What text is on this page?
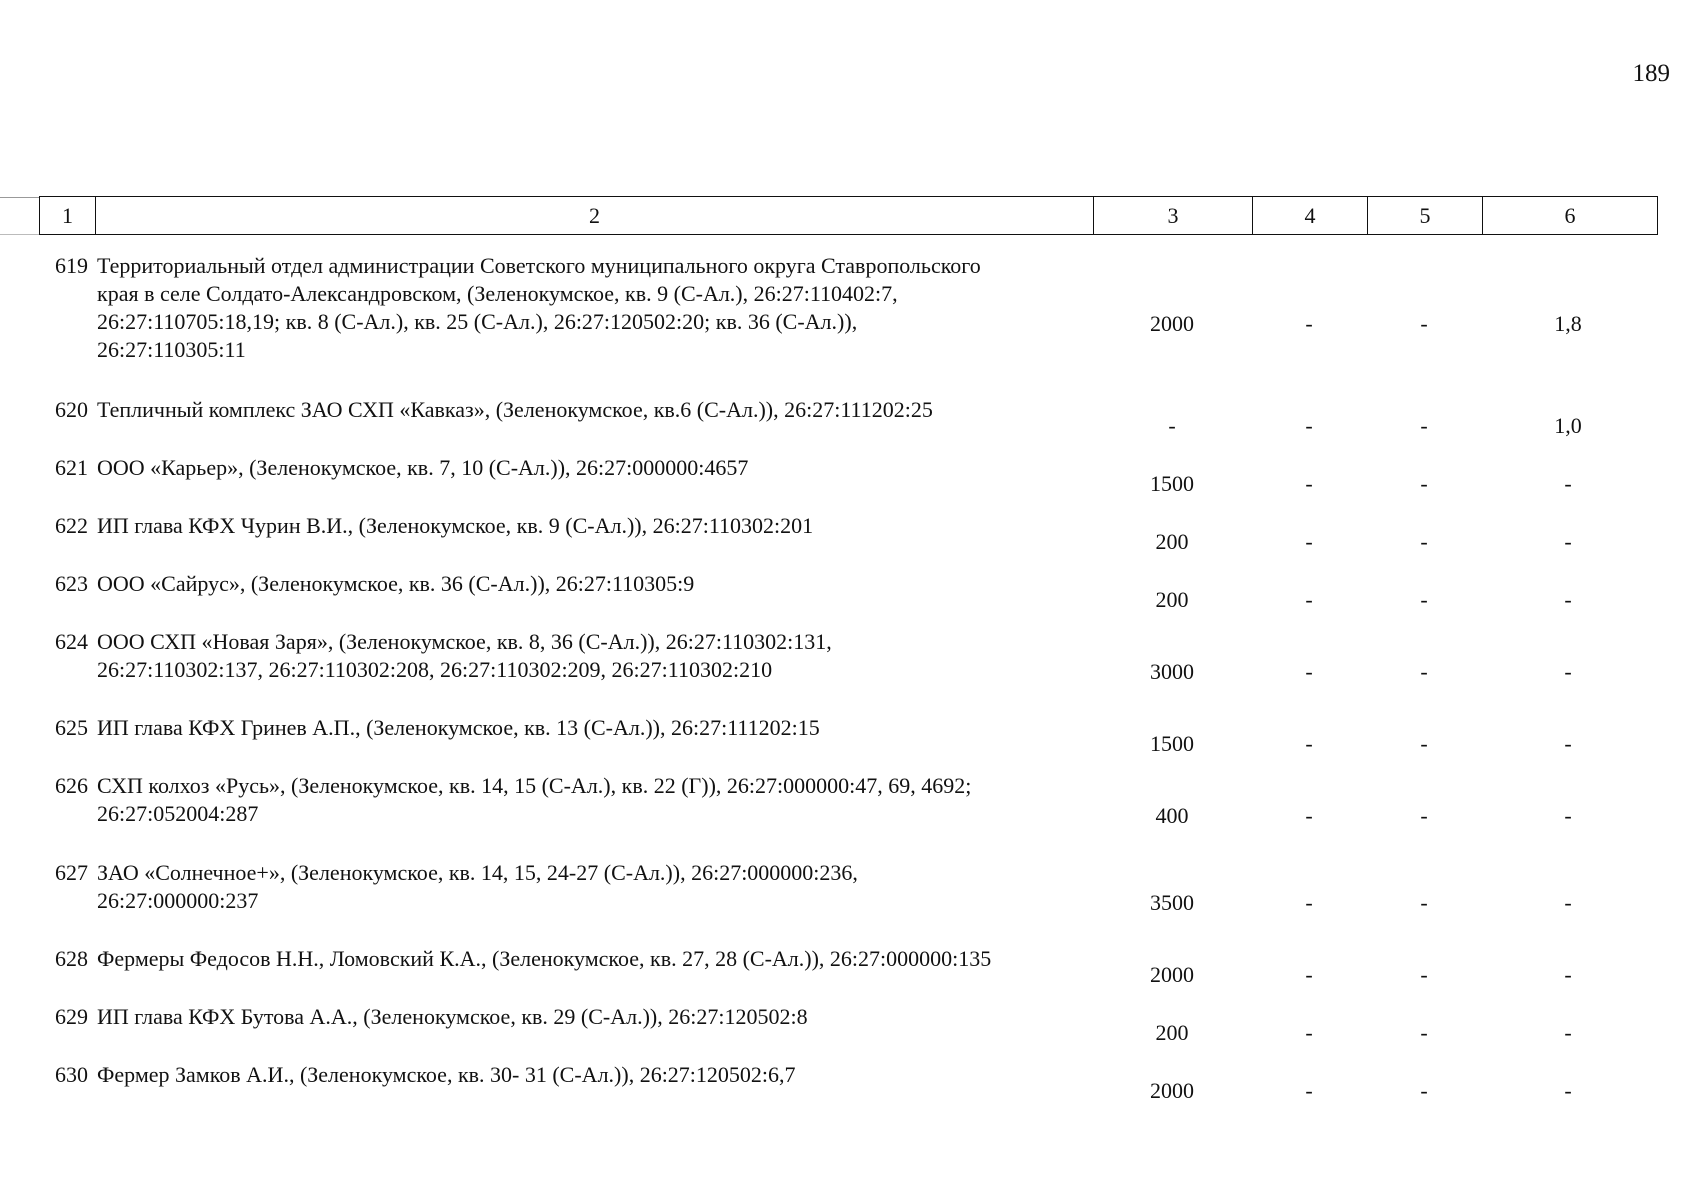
189
1	2	3	4	5	6
619 Территориальный отдел администрации Советского муниципального округа Ставропольского
края в селе Солдато-Александровском, (Зеленокумское, кв. 9 (С-Ал.), 26:27:110402:7,
26:27:110705:18,19; кв. 8 (С-Ал.), кв. 25 (С-Ал.), 26:27:120502:20; кв. 36 (С-Ал.)),
26:27:110305:11
2000	-	-	1,8
620 Тепличный комплекс ЗАО СХП «Кавказ», (Зеленокумское, кв.6 (С-Ал.)), 26:27:111202:25
-	-	-	1,0
621 ООО «Карьер», (Зеленокумское, кв. 7, 10 (С-Ал.)), 26:27:000000:4657
1500	-	-	-
622 ИП глава КФХ Чурин В.И., (Зеленокумское, кв. 9 (С-Ал.)), 26:27:110302:201
200	-	-	-
623 ООО «Сайрус», (Зеленокумское, кв. 36 (С-Ал.)), 26:27:110305:9
200	-	-	-
624 ООО СХП «Новая Заря», (Зеленокумское, кв. 8, 36 (С-Ал.)), 26:27:110302:131,
26:27:110302:137, 26:27:110302:208, 26:27:110302:209, 26:27:110302:210	3000	-	-	-
625 ИП глава КФХ Гринев А.П., (Зеленокумское, кв. 13 (С-Ал.)), 26:27:111202:15
1500	-	-	-
626 СХП колхоз «Русь», (Зеленокумское, кв. 14, 15 (С-Ал.), кв. 22 (Г)), 26:27:000000:47, 69, 4692;
26:27:052004:287	400	-	-	-
627 ЗАО «Солнечное+», (Зеленокумское, кв. 14, 15, 24-27 (С-Ал.)), 26:27:000000:236,
26:27:000000:237	3500	-	-	-
628 Фермеры Федосов Н.Н., Ломовский К.А., (Зеленокумское, кв. 27, 28 (С-Ал.)), 26:27:000000:135
2000	-	-	-
629 ИП глава КФХ Бутова А.А., (Зеленокумское, кв. 29 (С-Ал.)), 26:27:120502:8
200	-	-	-
630 Фермер Замков А.И., (Зеленокумское, кв. 30- 31 (С-Ал.)), 26:27:120502:6,7
2000	-	-	-
